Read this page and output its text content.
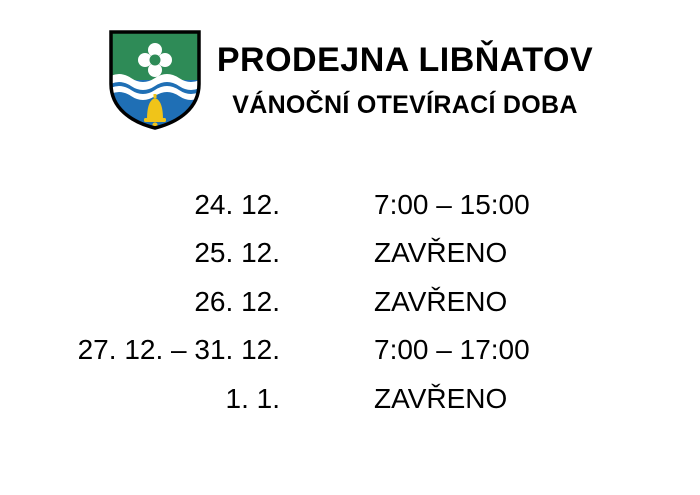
PRODEJNA LIBŇATOV
VÁNOČNÍ OTEVÍRACÍ DOBA
24. 12.	7:00 – 15:00
25. 12.	ZAVŘENO
26. 12.	ZAVŘENO
27. 12. – 31. 12.	7:00 – 17:00
1. 1.	ZAVŘENO
